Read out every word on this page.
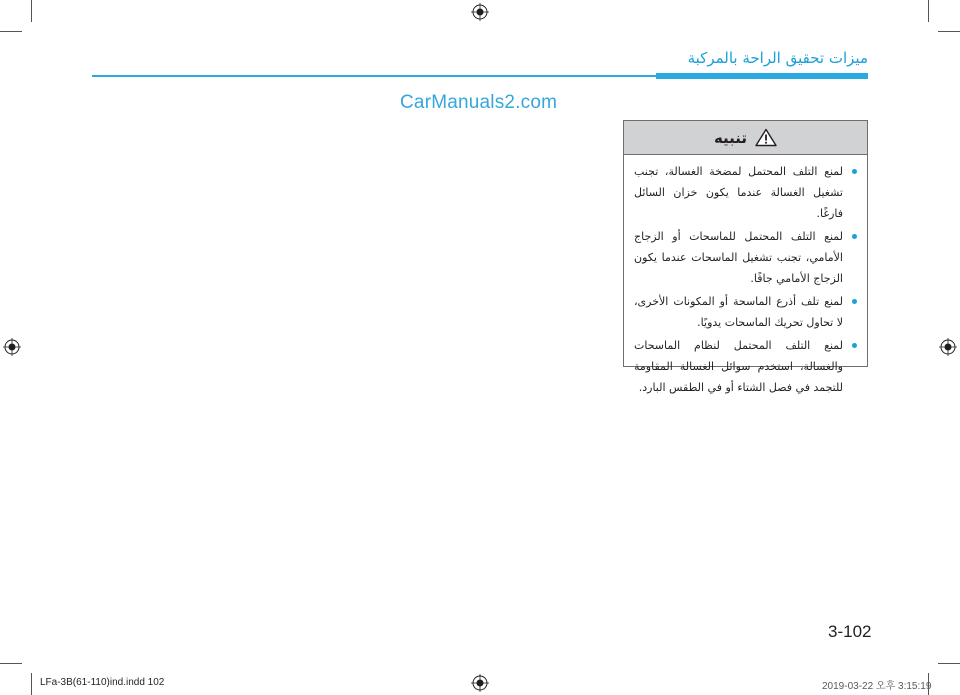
ميزات تحقيق الراحة بالمركبة
CarManuals2.com
تنبيه
لمنع التلف المحتمل لمضخة الغسالة، تجنب تشغيل الغسالة عندما يكون خزان السائل فارغًا.
لمنع التلف المحتمل للماسحات أو الزجاج الأمامي، تجنب تشغيل الماسحات عندما يكون الزجاج الأمامي جافًا.
لمنع تلف أذرع الماسحة أو المكونات الأخرى، لا تحاول تحريك الماسحات يدويًا.
لمنع التلف المحتمل لنظام الماسحات والغسالة، استخدم سوائل الغسالة المقاومة للتجمد في فصل الشتاء أو في الطقس البارد.
3-102
LFa-3B(61-110)ind.indd 102	2019-03-22 오후 3:15:19
